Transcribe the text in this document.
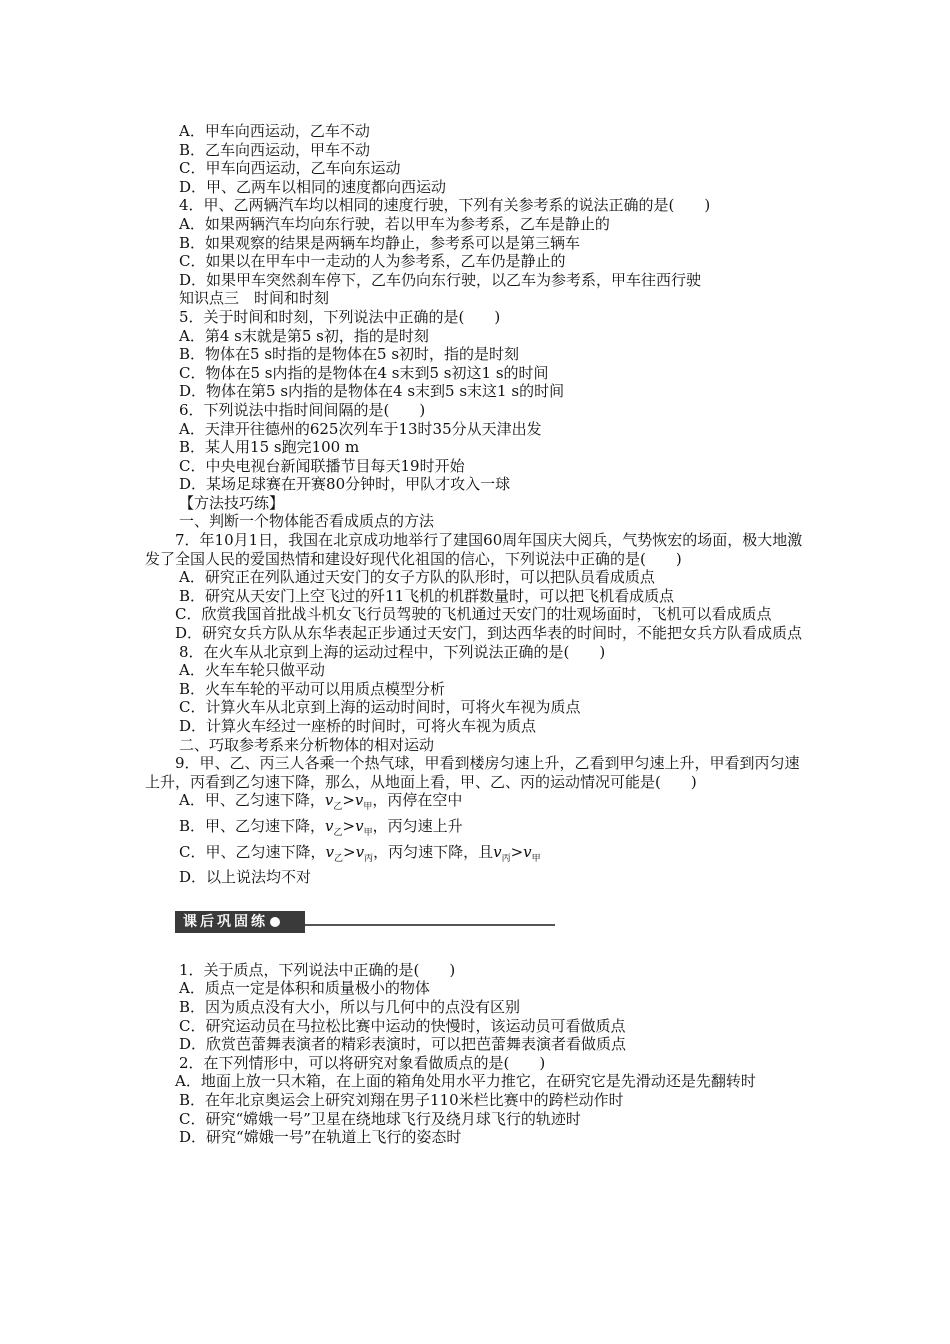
A．甲车向西运动，乙车不动
B．乙车向西运动，甲车不动
C．甲车向西运动，乙车向东运动
D．甲、乙两车以相同的速度都向西运动
4．甲、乙两辆汽车均以相同的速度行驶，下列有关参考系的说法正确的是(　　)
A．如果两辆汽车均向东行驶，若以甲车为参考系，乙车是静止的
B．如果观察的结果是两辆车均静止，参考系可以是第三辆车
C．如果以在甲车中一走动的人为参考系，乙车仍是静止的
D．如果甲车突然刹车停下，乙车仍向东行驶，以乙车为参考系，甲车往西行驶
知识点三　时间和时刻
5．关于时间和时刻，下列说法中正确的是(　　)
A．第4 s末就是第5 s初，指的是时刻
B．物体在5 s时指的是物体在5 s初时，指的是时刻
C．物体在5 s内指的是物体在4 s末到5 s初这1 s的时间
D．物体在第5 s内指的是物体在4 s末到5 s末这1 s的时间
6．下列说法中指时间间隔的是(　　)
A．天津开往德州的625次列车于13时35分从天津出发
B．某人用15 s跑完100 m
C．中央电视台新闻联播节目每天19时开始
D．某场足球赛在开赛80分钟时，甲队才攻入一球
【方法技巧练】
一、判断一个物体能否看成质点的方法
7．年10月1日，我国在北京成功地举行了建国60周年国庆大阅兵，气势恢宏的场面，极大地激发了全国人民的爱国热情和建设好现代化祖国的信心，下列说法中正确的是(　　)
A．研究正在列队通过天安门的女子方队的队形时，可以把队员看成质点
B．研究从天安门上空飞过的歼11飞机的机群数量时，可以把飞机看成质点
C．欣赏我国首批战斗机女飞行员驾驶的飞机通过天安门的壮观场面时，飞机可以看成质点
D．研究女兵方队从东华表起正步通过天安门，到达西华表的时间时，不能把女兵方队看成质点
8．在火车从北京到上海的运动过程中，下列说法正确的是(　　)
A．火车车轮只做平动
B．火车车轮的平动可以用质点模型分析
C．计算火车从北京到上海的运动时间时，可将火车视为质点
D．计算火车经过一座桥的时间时，可将火车视为质点
二、巧取参考系来分析物体的相对运动
9．甲、乙、丙三人各乘一个热气球，甲看到楼房匀速上升，乙看到甲匀速上升，甲看到丙匀速上升，丙看到乙匀速下降，那么，从地面上看，甲、乙、丙的运动情况可能是(　　)
A．甲、乙匀速下降，$v_乙>v_甲$，丙停在空中
B．甲、乙匀速下降，$v_乙>v_甲$，丙匀速上升
C．甲、乙匀速下降，$v_乙>v_丙$，丙匀速下降，且$v_丙>v_甲$
D．以上说法均不对
课后巩固练
1．关于质点，下列说法中正确的是(　　)
A．质点一定是体积和质量极小的物体
B．因为质点没有大小，所以与几何中的点没有区别
C．研究运动员在马拉松比赛中运动的快慢时，该运动员可看做质点
D．欣赏芭蕾舞表演者的精彩表演时，可以把芭蕾舞表演者看做质点
2．在下列情形中，可以将研究对象看做质点的是(　　)
A．地面上放一只木箱，在上面的箱角处用水平力推它，在研究它是先滑动还是先翻转时
B．在年北京奥运会上研究刘翔在男子110米栏比赛中的跨栏动作时
C．研究“嫦娥一号”卫星在绕地球飞行及绕月球飞行的轨迹时
D．研究“嫦娥一号”在轨道上飞行的姿态时
